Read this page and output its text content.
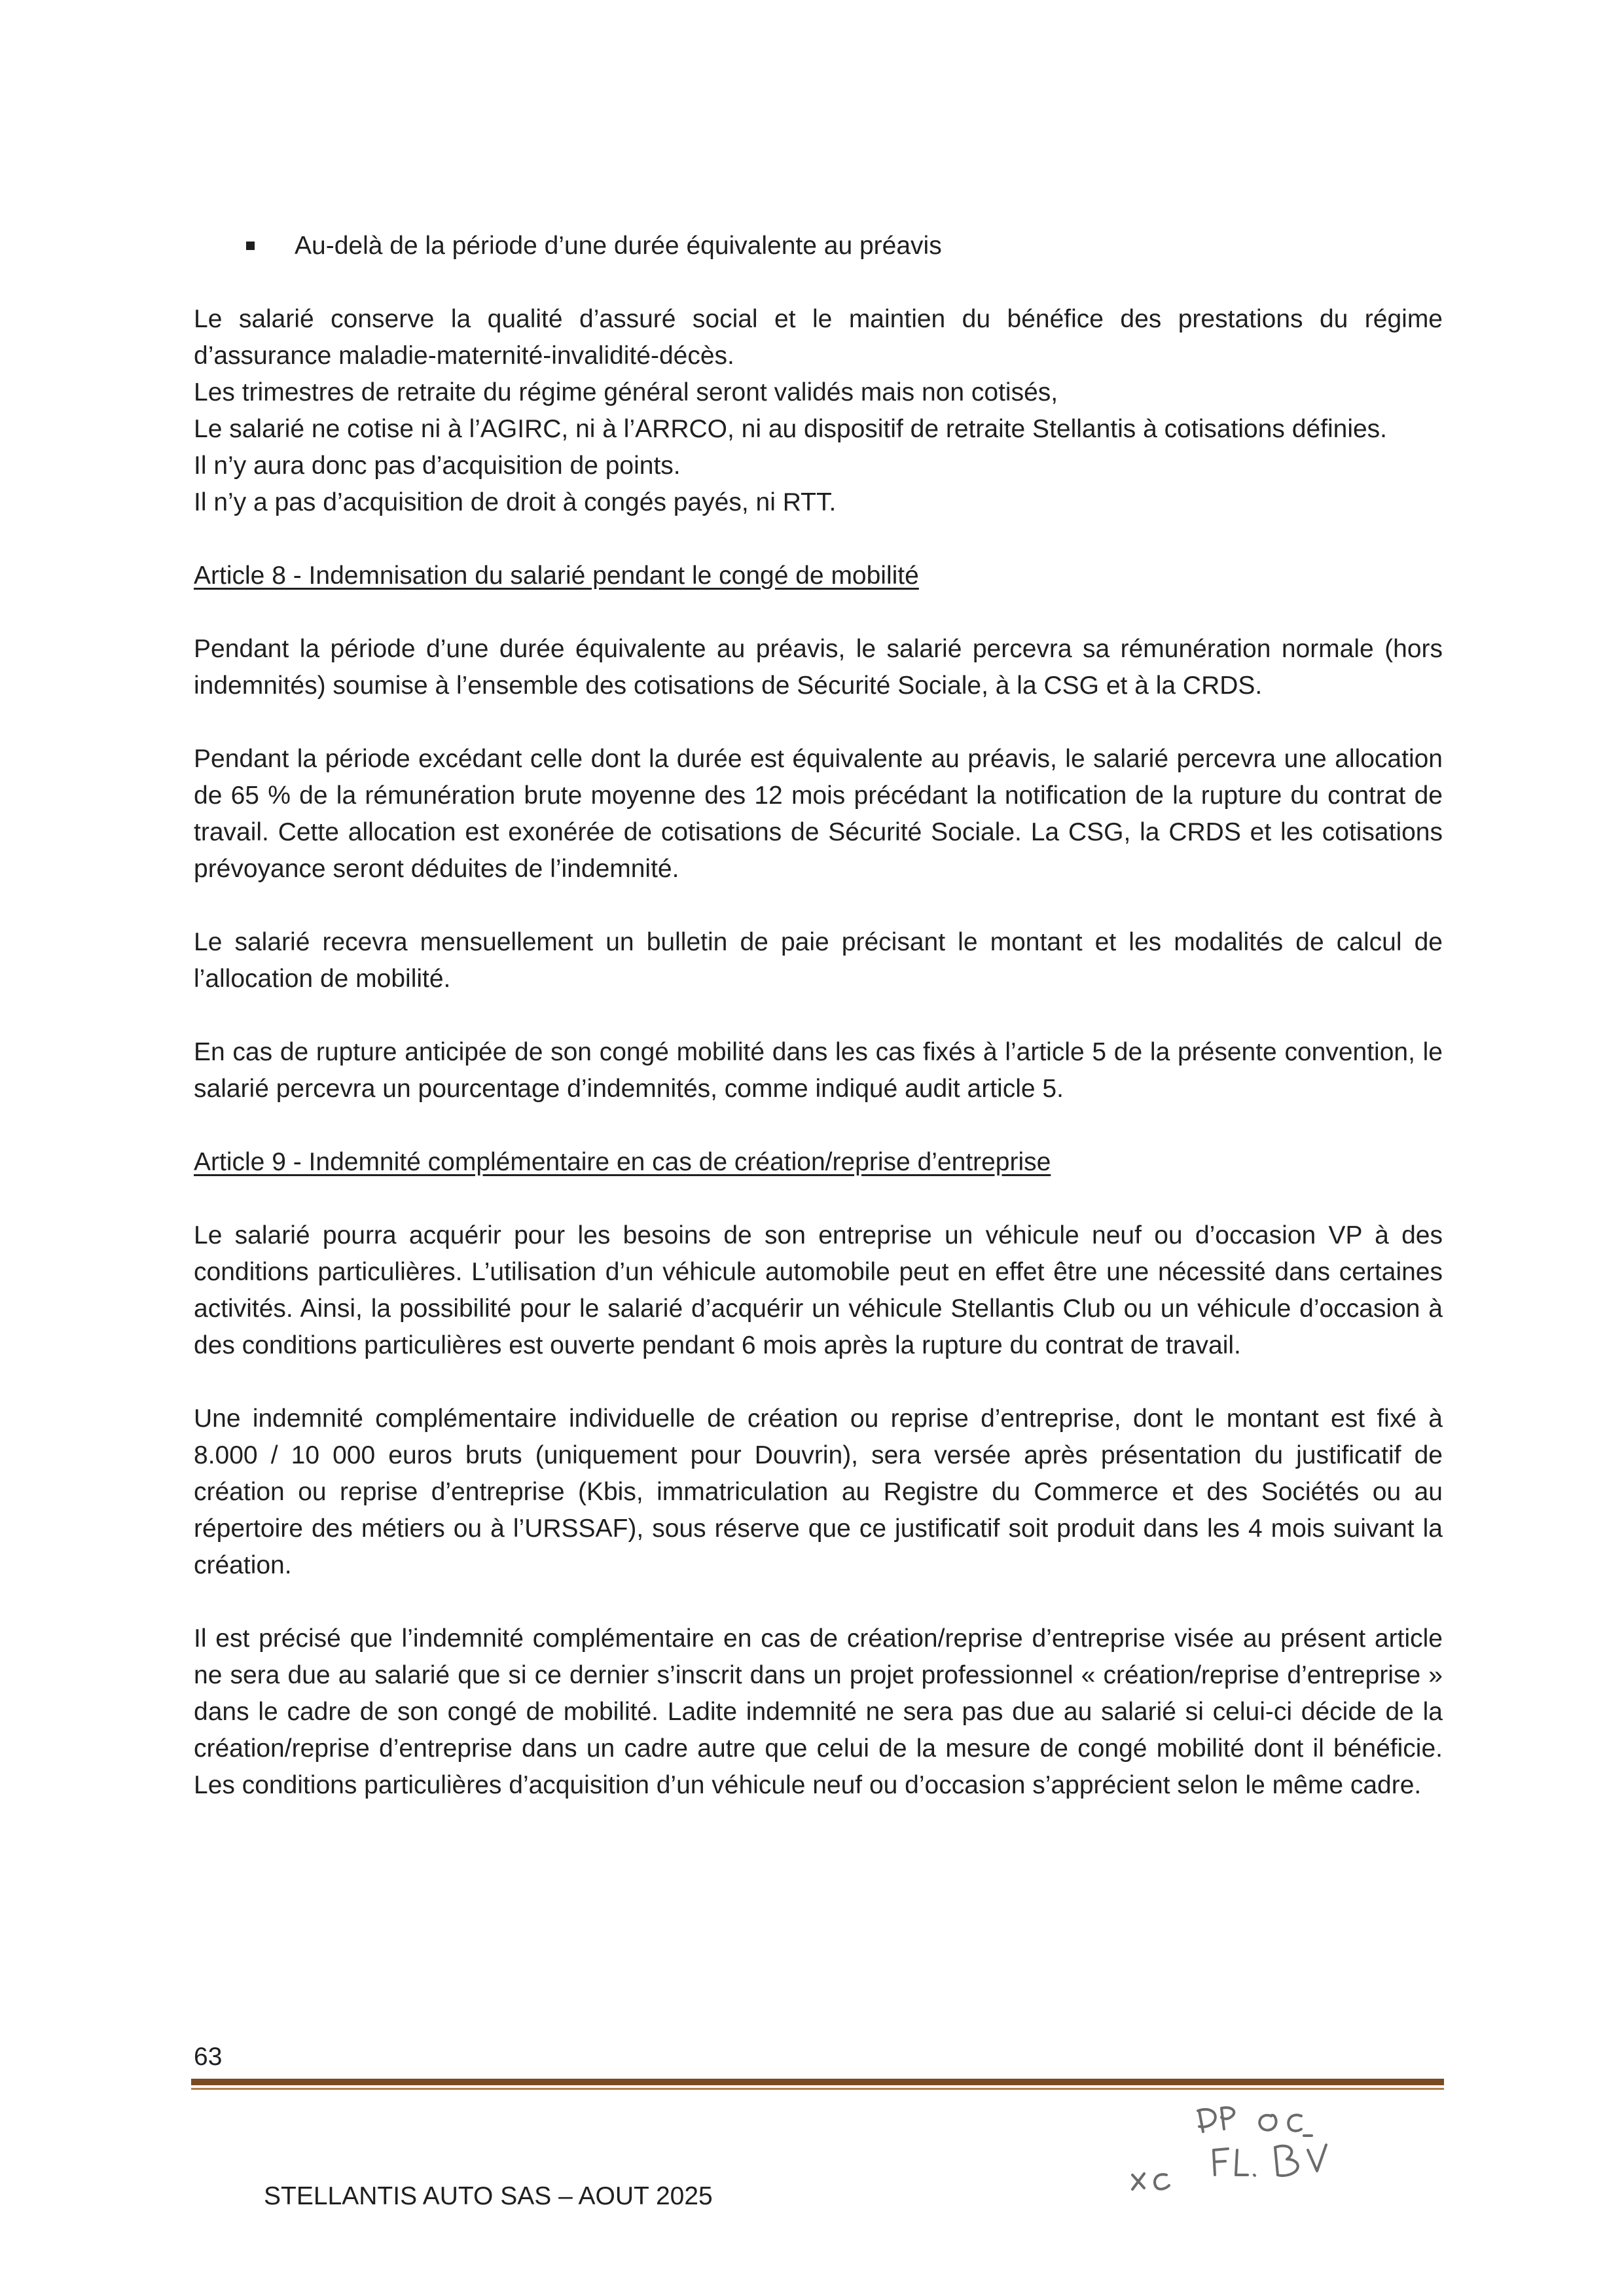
Au-delà de la période d’une durée équivalente au préavis

Le salarié conserve la qualité d’assuré social et le maintien du bénéfice des prestations du régime d’assurance maladie-maternité-invalidité-décès.

Les trimestres de retraite du régime général seront validés mais non cotisés,

Le salarié ne cotise ni à l’AGIRC, ni à l’ARRCO, ni au dispositif de retraite Stellantis à cotisations définies.

Il n’y aura donc pas d’acquisition de points.

Il n’y a pas d’acquisition de droit à congés payés, ni RTT.

Article 8 - Indemnisation du salarié pendant le congé de mobilité

Pendant la période d’une durée équivalente au préavis, le salarié percevra sa rémunération normale (hors indemnités) soumise à l’ensemble des cotisations de Sécurité Sociale, à la CSG et à la CRDS.

Pendant la période excédant celle dont la durée est équivalente au préavis, le salarié percevra une allocation de 65 % de la rémunération brute moyenne des 12 mois précédant la notification de la rupture du contrat de travail. Cette allocation est exonérée de cotisations de Sécurité Sociale. La CSG, la CRDS et les cotisations prévoyance seront déduites de l’indemnité.

Le salarié recevra mensuellement un bulletin de paie précisant le montant et les modalités de calcul de l’allocation de mobilité.

En cas de rupture anticipée de son congé mobilité dans les cas fixés à l’article 5 de la présente convention, le salarié percevra un pourcentage d’indemnités, comme indiqué audit article 5.

Article 9 - Indemnité complémentaire en cas de création/reprise d’entreprise

Le salarié pourra acquérir pour les besoins de son entreprise un véhicule neuf ou d’occasion VP à des conditions particulières. L’utilisation d’un véhicule automobile peut en effet être une nécessité dans certaines activités. Ainsi, la possibilité pour le salarié d’acquérir un véhicule Stellantis Club ou un véhicule d’occasion à des conditions particulières est ouverte pendant 6 mois après la rupture du contrat de travail.

Une indemnité complémentaire individuelle de création ou reprise d’entreprise, dont le montant est fixé à 8.000 / 10 000 euros bruts (uniquement pour Douvrin), sera versée après présentation du justificatif de création ou reprise d’entreprise (Kbis, immatriculation au Registre du Commerce et des Sociétés ou au répertoire des métiers ou à l’URSSAF), sous réserve que ce justificatif soit produit dans les 4 mois suivant la création.

Il est précisé que l’indemnité complémentaire en cas de création/reprise d’entreprise visée au présent article ne sera due au salarié que si ce dernier s’inscrit dans un projet professionnel « création/reprise d’entreprise » dans le cadre de son congé de mobilité. Ladite indemnité ne sera pas due au salarié si celui-ci décide de la création/reprise d’entreprise dans un cadre autre que celui de la mesure de congé mobilité dont il bénéficie. Les conditions particulières d’acquisition d’un véhicule neuf ou d’occasion s’apprécient selon le même cadre.

63
STELLANTIS AUTO SAS – AOUT 2025
